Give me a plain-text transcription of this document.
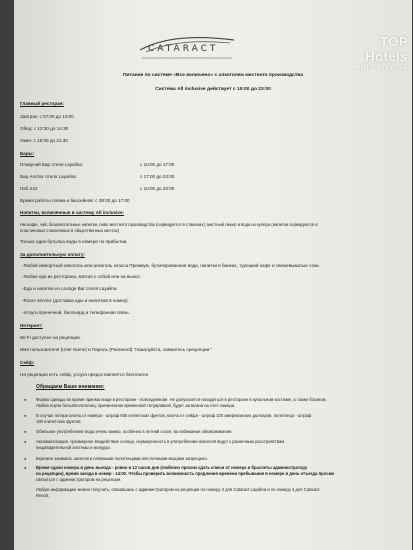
CATARACT	TOP Hotels
ФОТО ТУРИСТА
Питание по системе «Все включено» с алкоголем местного производства
Система All inclusive действует с 10:00 до 23:00
Главный ресторан:
Завтрак: с 07:00 до 10:00
Обед: с 12:30 до 14:30
Ужин: с 19:00 до 21:30
Бары:
Плавучий Бар отеля Layalina:	с 10:00 до 17:00
Бар Anchor отеля Layalina:	с 17:00 до 23:00
Паб 222	с 10:00 до 23:00
Время работы пляжа и бассейнов: с 08:00 до 17:00
Напитки, включённые в систему All inclusive:
Нескафе, чай, безалкогольные напитки, пиво местного производства (сервируется в стаканах), местный ликер и вода из кулера (напитки сервируются в
пластиковых стаканчиках в общественных местах)
Только одна бутылка воды в номере по прибытии.
За дополнительную оплату:
-Любой импортный алкоголь или алкоголь класса Премиум, бутилированная вода, напитки в банках, турецкий кофе и свежевыжатые соки.
-Любая еда из ресторана, взятая с собой или на вынос.
-Еда и напитки из Lounge Bar отеля Layalina.
-Room service (доставка еды и напитков в номер).
-Услуги прачечной, билльярд и телефонная связь.
Интернет:
Wi-Fi доступен на рецепции.
Имя пользователя (User Name) и Пароль (Password) "пожалуйста, свяжитесь срецепции."
Сейф:
На рецепции есть сейф, услуга предоставляется бесплатно
Обращаем Ваше внимание:
● Форма одежды во время приема пищи в ресторане - повседневная. Не допускается находиться в ресторане в купальном костюме, а также босиком.
Любая порча белья/полотенец, причиненная временной татуировкой, будет записана на счет номера.
● В случае потери ключа от номера - штраф 650 египетских фунтов, ключа от сейфа - штраф 100 американских долларов, полотенца - штраф
180 египетских фунтов.
● Обильное употребление воды очень важно, особенно в летний сезон, во избежание обезвоживания.
● Акклиматизация, чрезмерное воздействие солнца, неумеренность в употреблении алкоголя ведут к различным расстройствам
пищеварительной системы и желудка.
● Бережно занимать шезлонги пляжными полотенцами или личными вещами запрещено.
● Время сдачи номера в день выезда - ровно в 12 часов дня (любезно просим сдать ключи от номера и браслеты администратору
на рецепции), время заезда в номер - 14:00. Чтобы проверить возможность продления времени пребывания в номере в день отъезда просим
связаться с администратором на рецепции.
Любую информацию можно получить, связавшись с администратором на рецепции по номеру 3 для Cataract Layalina и по номеру 4 для Cataract
Resort.
